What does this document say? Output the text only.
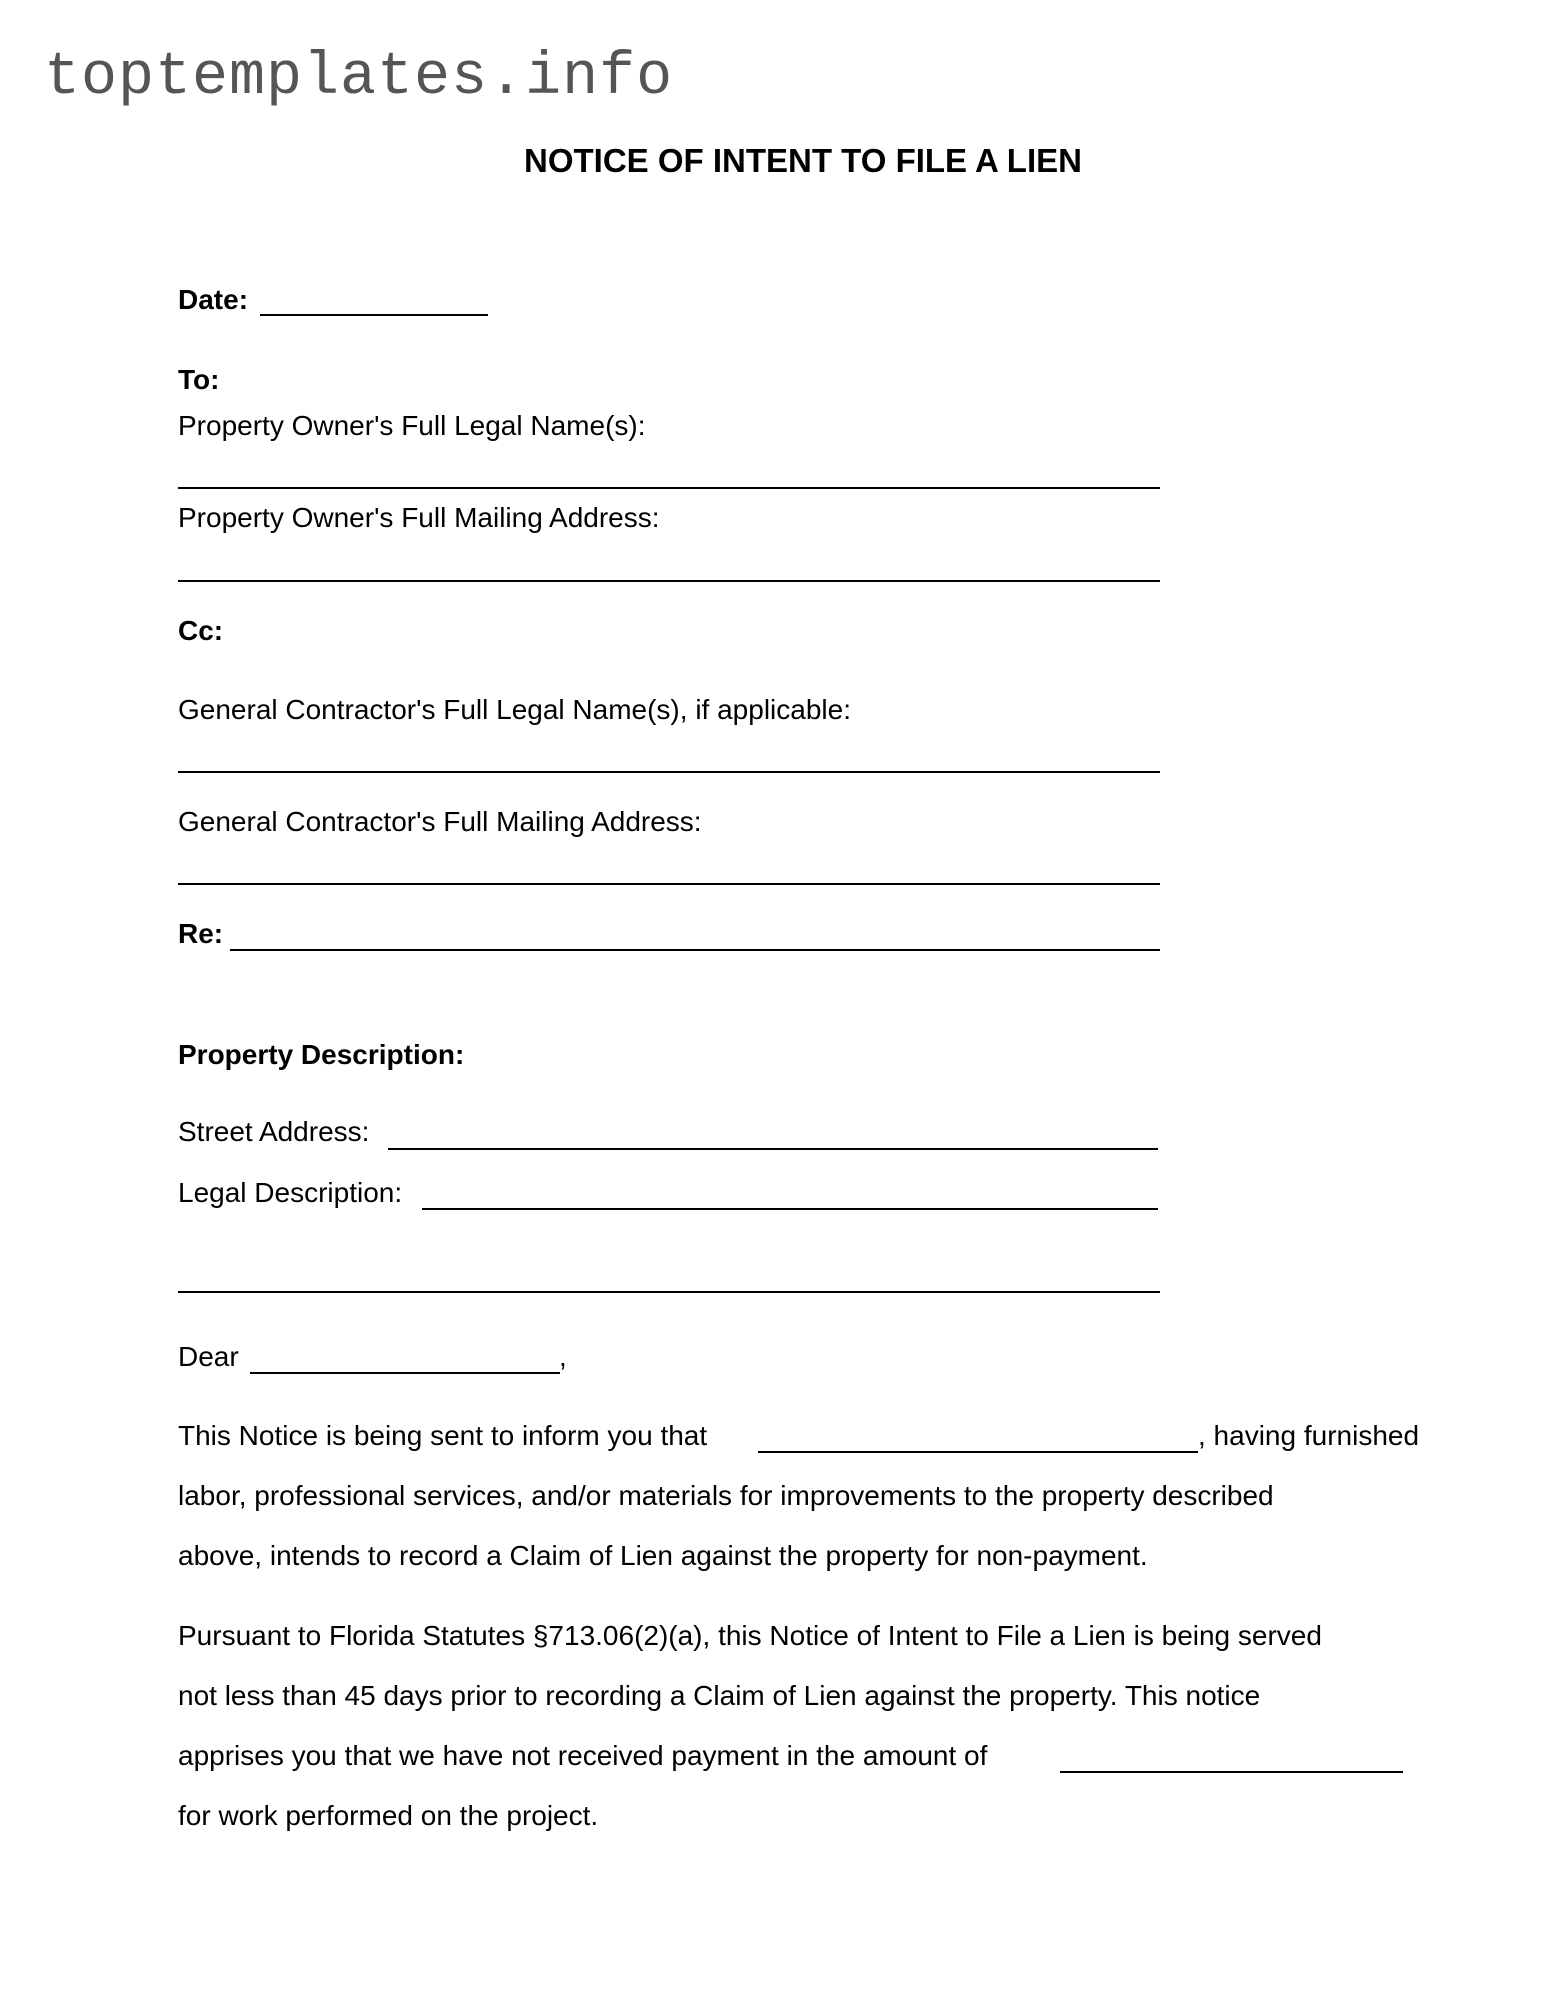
toptemplates.info
NOTICE OF INTENT TO FILE A LIEN
Date:
To:
Property Owner's Full Legal Name(s):
Property Owner's Full Mailing Address:
Cc:
General Contractor's Full Legal Name(s), if applicable:
General Contractor's Full Mailing Address:
Re:
Property Description:
Street Address:
Legal Description:
Dear	,
This Notice is being sent to inform you that	, having furnished
labor, professional services, and/or materials for improvements to the property described
above, intends to record a Claim of Lien against the property for non-payment.
Pursuant to Florida Statutes §713.06(2)(a), this Notice of Intent to File a Lien is being served
not less than 45 days prior to recording a Claim of Lien against the property. This notice
apprises you that we have not received payment in the amount of
for work performed on the project.
